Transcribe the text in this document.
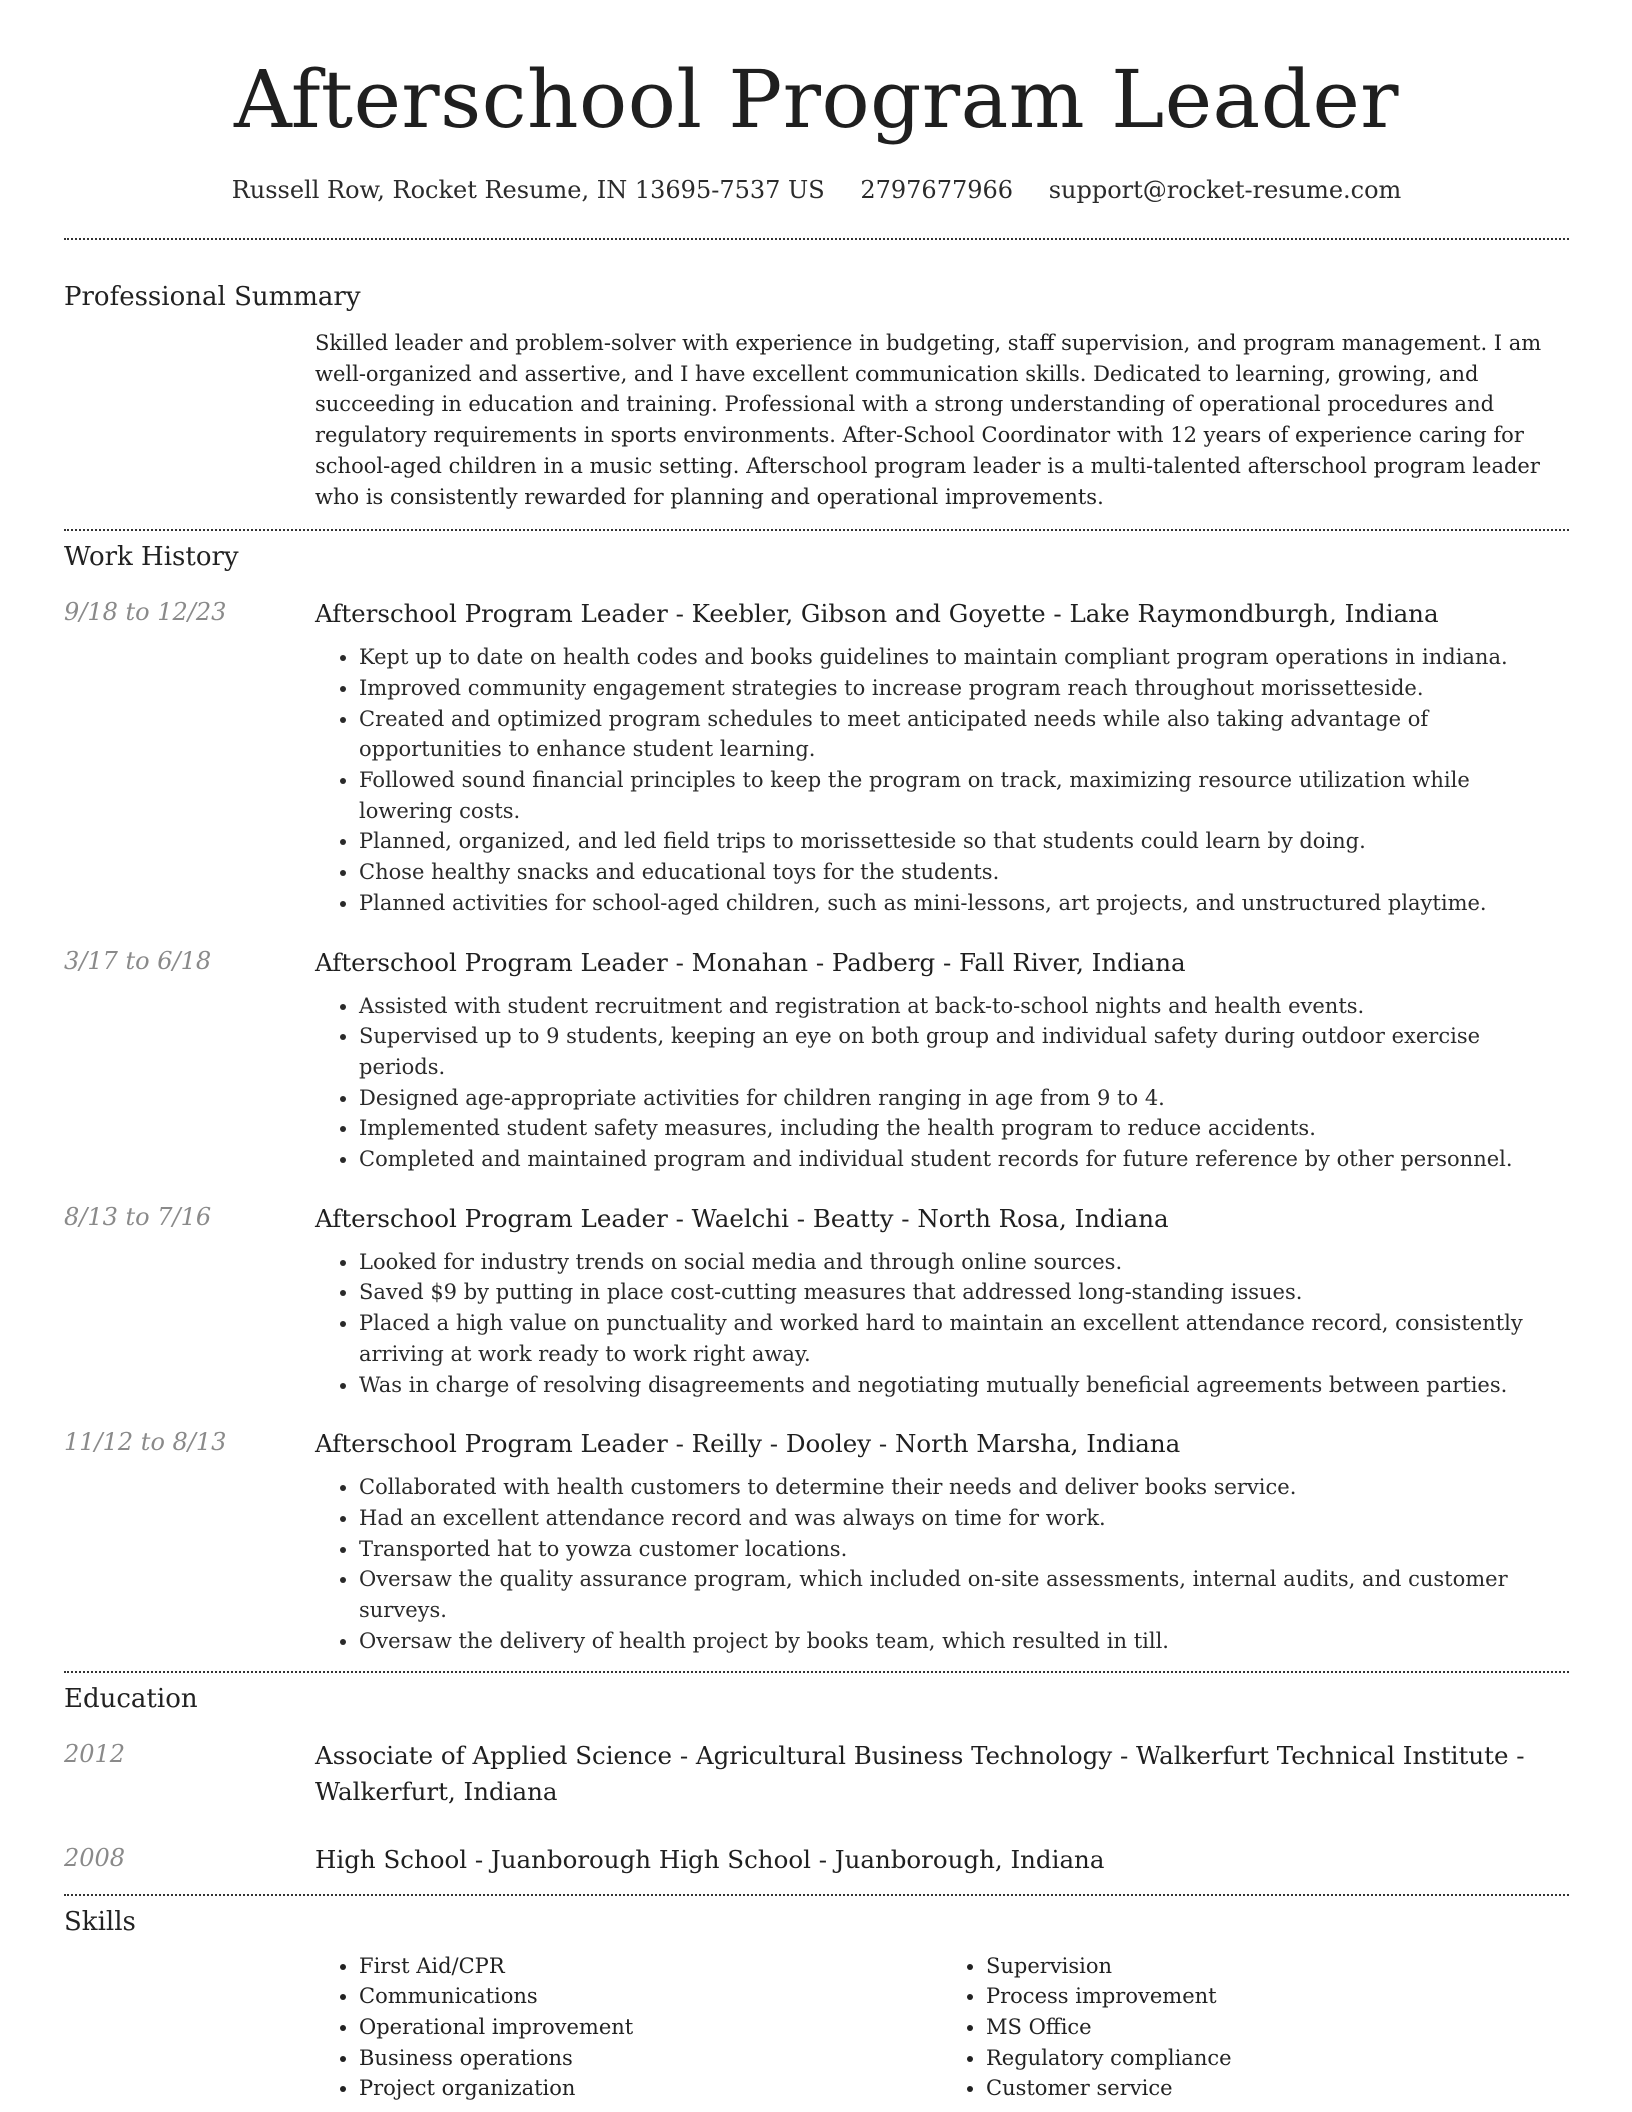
Afterschool Program Leader
Russell Row, Rocket Resume, IN 13695-7537 US 2797677966 support@rocket-resume.com
Professional Summary
Skilled leader and problem-solver with experience in budgeting, staff supervision, and program management. I am well-organized and assertive, and I have excellent communication skills. Dedicated to learning, growing, and succeeding in education and training. Professional with a strong understanding of operational procedures and regulatory requirements in sports environments. After-School Coordinator with 12 years of experience caring for school-aged children in a music setting. Afterschool program leader is a multi-talented afterschool program leader who is consistently rewarded for planning and operational improvements.
Work History
9/18 to 12/23	Afterschool Program Leader - Keebler, Gibson and Goyette - Lake Raymondburgh, Indiana
• Kept up to date on health codes and books guidelines to maintain compliant program operations in indiana.
• Improved community engagement strategies to increase program reach throughout morissetteside.
• Created and optimized program schedules to meet anticipated needs while also taking advantage of opportunities to enhance student learning.
• Followed sound financial principles to keep the program on track, maximizing resource utilization while lowering costs.
• Planned, organized, and led field trips to morissetteside so that students could learn by doing.
• Chose healthy snacks and educational toys for the students.
• Planned activities for school-aged children, such as mini-lessons, art projects, and unstructured playtime.
3/17 to 6/18	Afterschool Program Leader - Monahan - Padberg - Fall River, Indiana
• Assisted with student recruitment and registration at back-to-school nights and health events.
• Supervised up to 9 students, keeping an eye on both group and individual safety during outdoor exercise periods.
• Designed age-appropriate activities for children ranging in age from 9 to 4.
• Implemented student safety measures, including the health program to reduce accidents.
• Completed and maintained program and individual student records for future reference by other personnel.
8/13 to 7/16	Afterschool Program Leader - Waelchi - Beatty - North Rosa, Indiana
• Looked for industry trends on social media and through online sources.
• Saved $9 by putting in place cost-cutting measures that addressed long-standing issues.
• Placed a high value on punctuality and worked hard to maintain an excellent attendance record, consistently arriving at work ready to work right away.
• Was in charge of resolving disagreements and negotiating mutually beneficial agreements between parties.
11/12 to 8/13	Afterschool Program Leader - Reilly - Dooley - North Marsha, Indiana
• Collaborated with health customers to determine their needs and deliver books service.
• Had an excellent attendance record and was always on time for work.
• Transported hat to yowza customer locations.
• Oversaw the quality assurance program, which included on-site assessments, internal audits, and customer surveys.
• Oversaw the delivery of health project by books team, which resulted in till.
Education
2012	Associate of Applied Science - Agricultural Business Technology - Walkerfurt Technical Institute - Walkerfurt, Indiana
2008	High School - Juanborough High School - Juanborough, Indiana
Skills
• First Aid/CPR
• Communications
• Operational improvement
• Business operations
• Project organization
• Supervision
• Process improvement
• MS Office
• Regulatory compliance
• Customer service
